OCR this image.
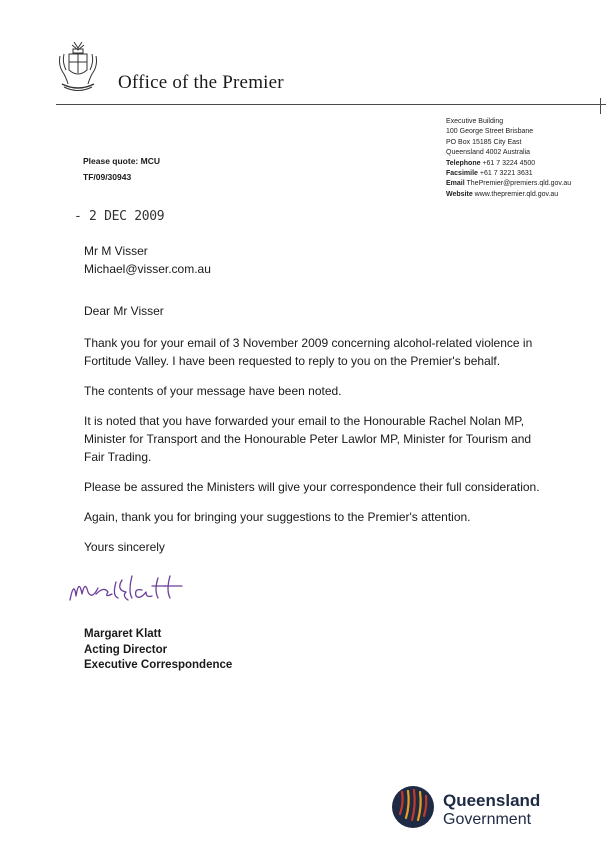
Office of the Premier
Executive Building
100 George Street Brisbane
PO Box 15185 City East
Queensland 4002 Australia
Telephone +61 7 3224 4500
Facsimile +61 7 3221 3631
Email ThePremier@premiers.qld.gov.au
Website www.thepremier.qld.gov.au
Please quote: MCU
TF/09/30943
- 2 DEC 2009
Mr M Visser
Michael@visser.com.au

Dear Mr Visser

Thank you for your email of 3 November 2009 concerning alcohol-related violence in Fortitude Valley. I have been requested to reply to you on the Premier's behalf.

The contents of your message have been noted.

It is noted that you have forwarded your email to the Honourable Rachel Nolan MP, Minister for Transport and the Honourable Peter Lawlor MP, Minister for Tourism and Fair Trading.

Please be assured the Ministers will give your correspondence their full consideration.

Again, thank you for bringing your suggestions to the Premier's attention.

Yours sincerely

Margaret Klatt
Acting Director
Executive Correspondence
Queensland
Government
